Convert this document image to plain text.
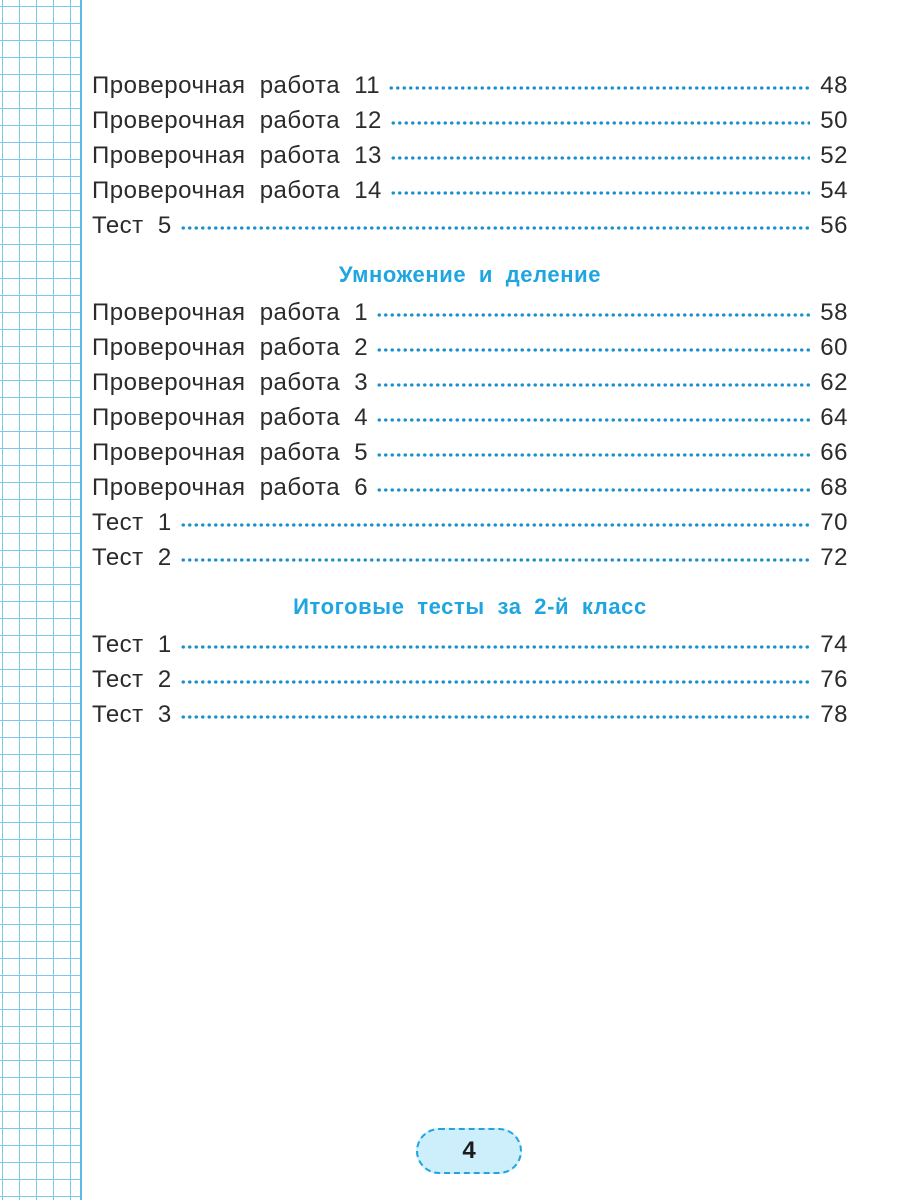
Проверочная работа 11	48
Проверочная работа 12	50
Проверочная работа 13	52
Проверочная работа 14	54
Тест 5	56
Умножение и деление
Проверочная работа 1	58
Проверочная работа 2	60
Проверочная работа 3	62
Проверочная работа 4	64
Проверочная работа 5	66
Проверочная работа 6	68
Тест 1	70
Тест 2	72
Итоговые тесты за 2-й класс
Тест 1	74
Тест 2	76
Тест 3	78
4
